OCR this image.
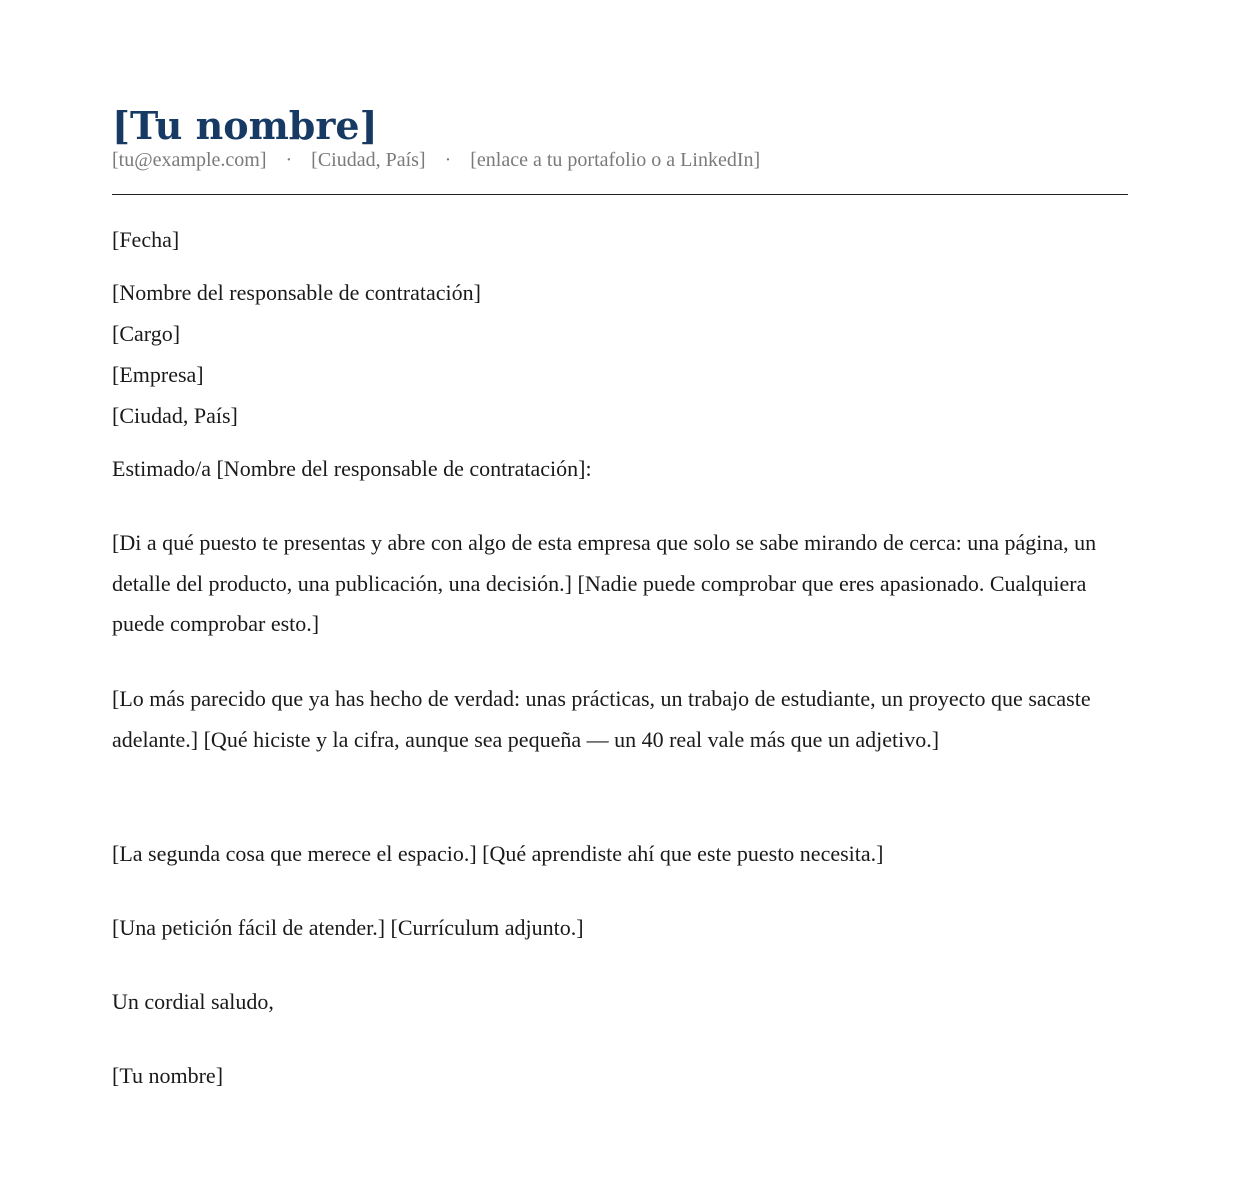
[Tu nombre]
[tu@example.com] · [Ciudad, País] · [enlace a tu portafolio o a LinkedIn]
[Fecha]
[Nombre del responsable de contratación]
[Cargo]
[Empresa]
[Ciudad, País]
Estimado/a [Nombre del responsable de contratación]:

[Di a qué puesto te presentas y abre con algo de esta empresa que solo se sabe mirando de cerca: una página, un detalle del producto, una publicación, una decisión.] [Nadie puede comprobar que eres apasionado. Cualquiera puede comprobar esto.]

[Lo más parecido que ya has hecho de verdad: unas prácticas, un trabajo de estudiante, un proyecto que sacaste adelante.] [Qué hiciste y la cifra, aunque sea pequeña — un 40 real vale más que un adjetivo.]

[La segunda cosa que merece el espacio.] [Qué aprendiste ahí que este puesto necesita.]

[Una petición fácil de atender.] [Currículum adjunto.]

Un cordial saludo,
[Tu nombre]
